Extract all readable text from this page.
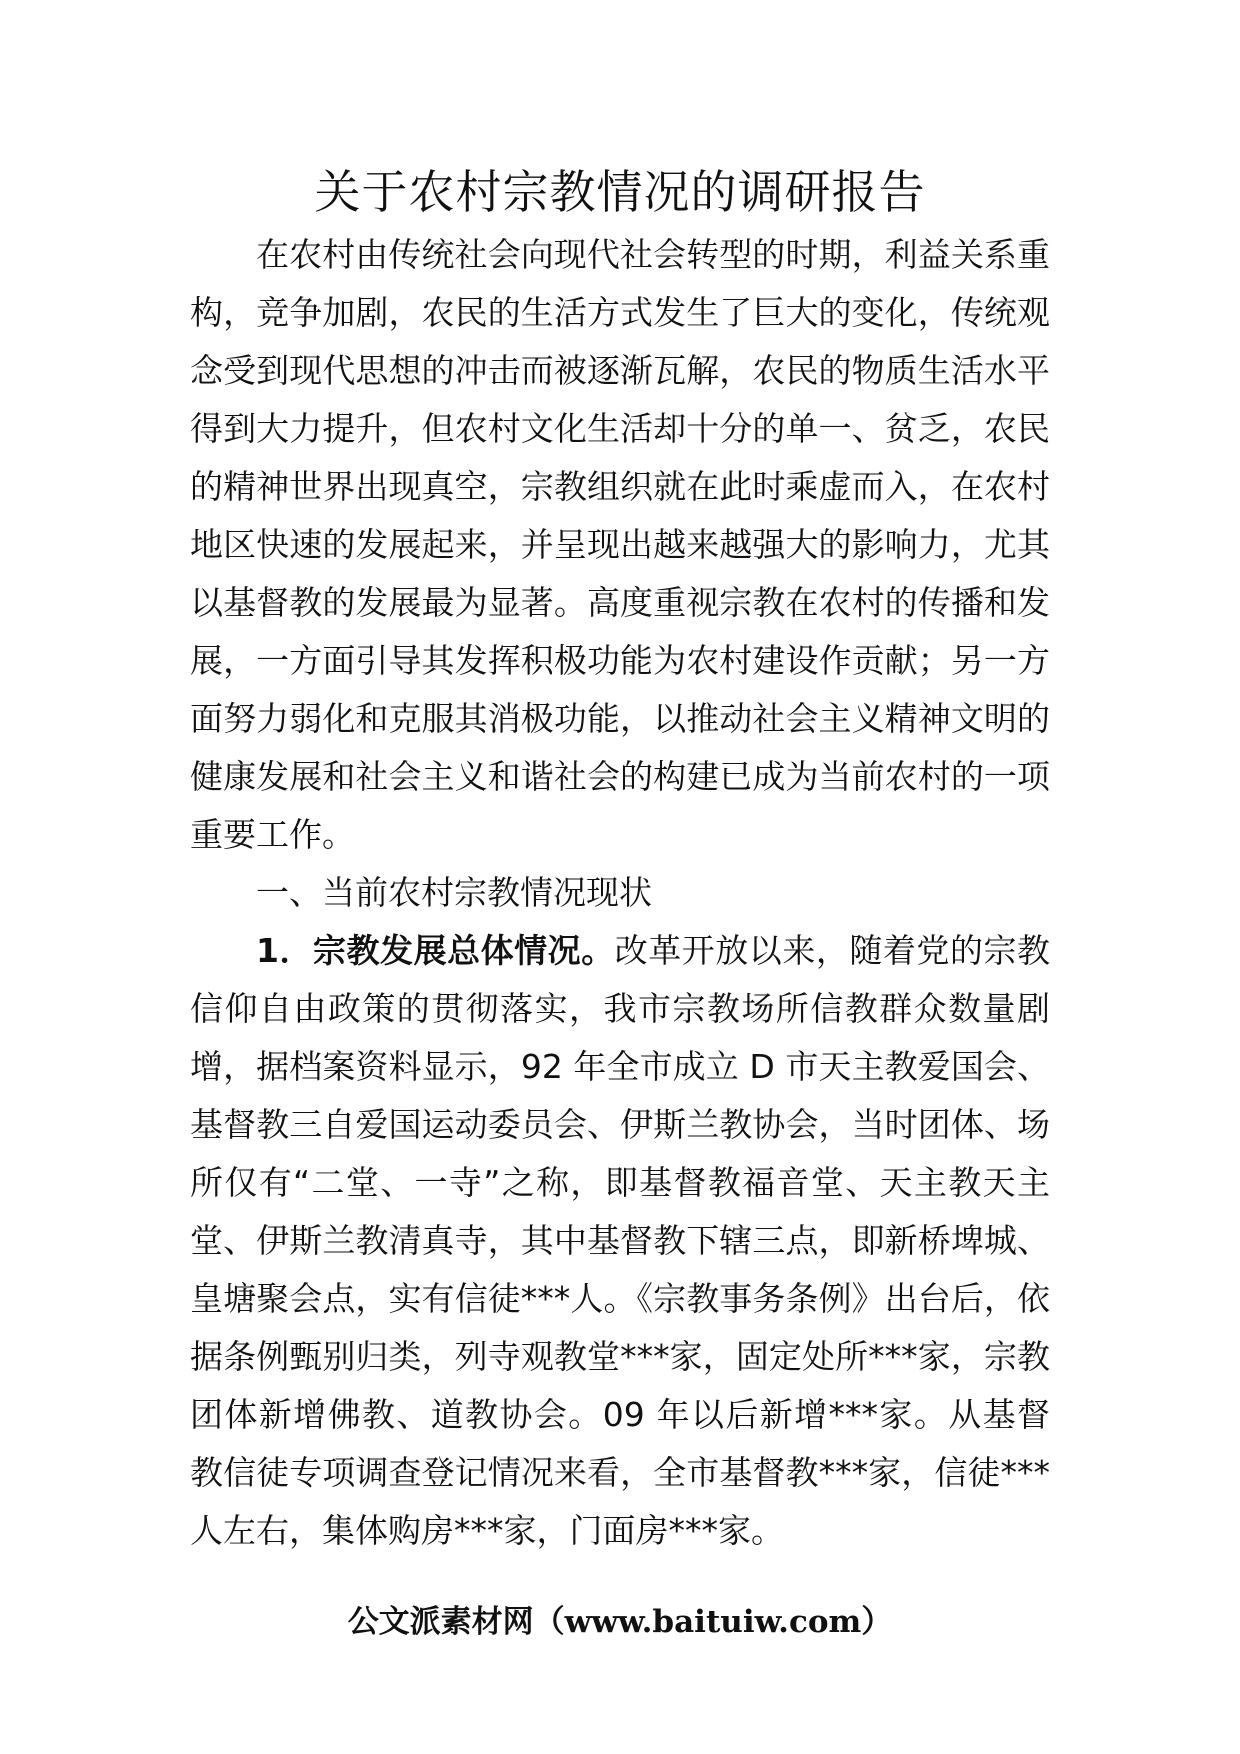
关于农村宗教情况的调研报告

在农村由传统社会向现代社会转型的时期，利益关系重构，竞争加剧，农民的生活方式发生了巨大的变化，传统观念受到现代思想的冲击而被逐渐瓦解，农民的物质生活水平得到大力提升，但农村文化生活却十分的单一、贫乏，农民的精神世界出现真空，宗教组织就在此时乘虚而入，在农村地区快速的发展起来，并呈现出越来越强大的影响力，尤其以基督教的发展最为显著。高度重视宗教在农村的传播和发展，一方面引导其发挥积极功能为农村建设作贡献；另一方面努力弱化和克服其消极功能，以推动社会主义精神文明的健康发展和社会主义和谐社会的构建已成为当前农村的一项重要工作。

一、当前农村宗教情况现状

1．宗教发展总体情况。改革开放以来，随着党的宗教信仰自由政策的贯彻落实，我市宗教场所信教群众数量剧增，据档案资料显示，92 年全市成立 D 市天主教爱国会、基督教三自爱国运动委员会、伊斯兰教协会，当时团体、场所仅有“二堂、一寺”之称，即基督教福音堂、天主教天主堂、伊斯兰教清真寺，其中基督教下辖三点，即新桥埤城、皇塘聚会点，实有信徒***人。《宗教事务条例》出台后，依据条例甄别归类，列寺观教堂***家，固定处所***家，宗教团体新增佛教、道教协会。09 年以后新增***家。从基督教信徒专项调查登记情况来看，全市基督教***家，信徒***人左右，集体购房***家，门面房***家。

公文派素材网（www.baituiw.com）
